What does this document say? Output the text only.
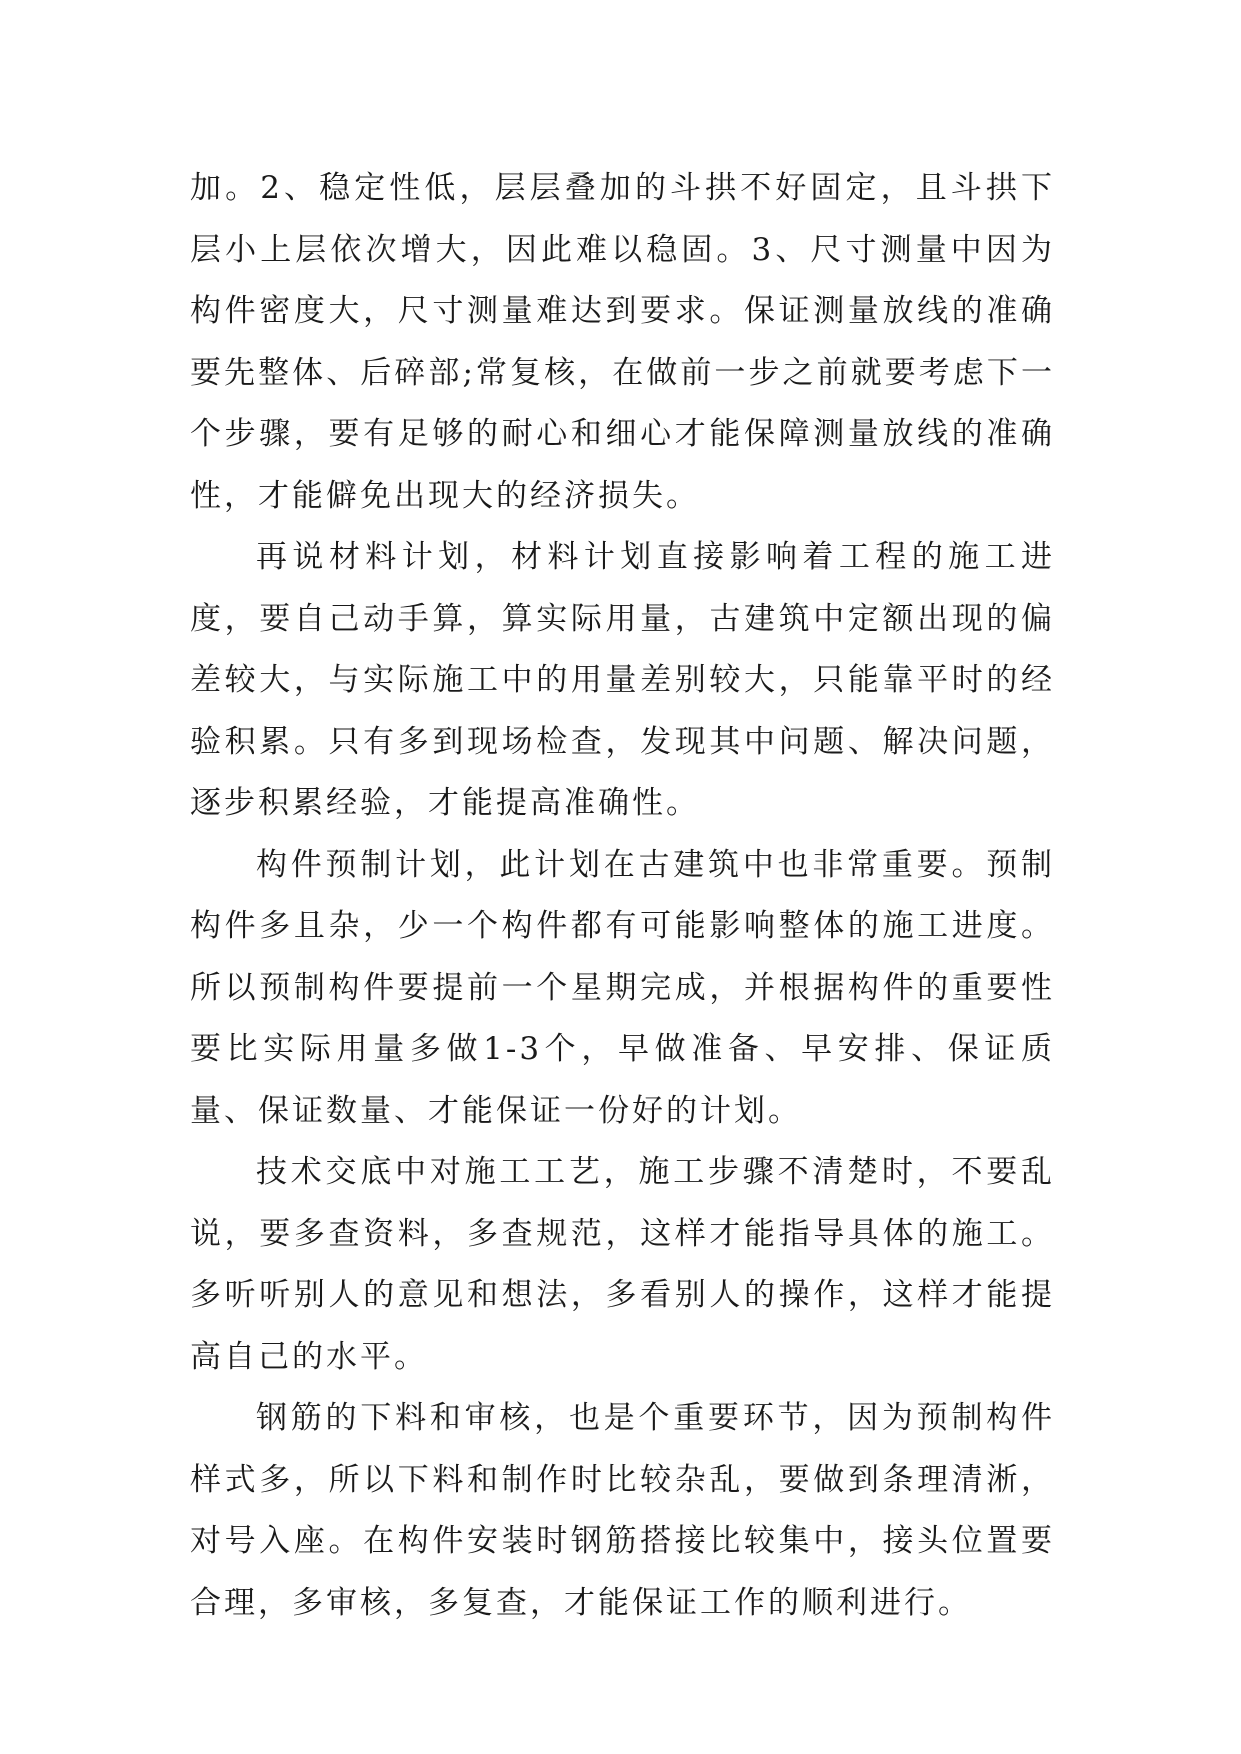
加。2、稳定性低，层层叠加的斗拱不好固定，且斗拱下层小上层依次增大，因此难以稳固。3、尺寸测量中因为构件密度大，尺寸测量难达到要求。保证测量放线的准确要先整体、后碎部;常复核，在做前一步之前就要考虑下一个步骤，要有足够的耐心和细心才能保障测量放线的准确性，才能僻免出现大的经济损失。

再说材料计划，材料计划直接影响着工程的施工进度，要自己动手算，算实际用量，古建筑中定额出现的偏差较大，与实际施工中的用量差别较大，只能靠平时的经验积累。只有多到现场检查，发现其中问题、解决问题，逐步积累经验，才能提高准确性。

构件预制计划，此计划在古建筑中也非常重要。预制构件多且杂，少一个构件都有可能影响整体的施工进度。所以预制构件要提前一个星期完成，并根据构件的重要性要比实际用量多做1-3个，早做准备、早安排、保证质量、保证数量、才能保证一份好的计划。

技术交底中对施工工艺，施工步骤不清楚时，不要乱说，要多查资料，多查规范，这样才能指导具体的施工。多听听别人的意见和想法，多看别人的操作，这样才能提高自己的水平。

钢筋的下料和审核，也是个重要环节，因为预制构件样式多，所以下料和制作时比较杂乱，要做到条理清淅，对号入座。在构件安装时钢筋搭接比较集中，接头位置要合理，多审核，多复查，才能保证工作的顺利进行。
